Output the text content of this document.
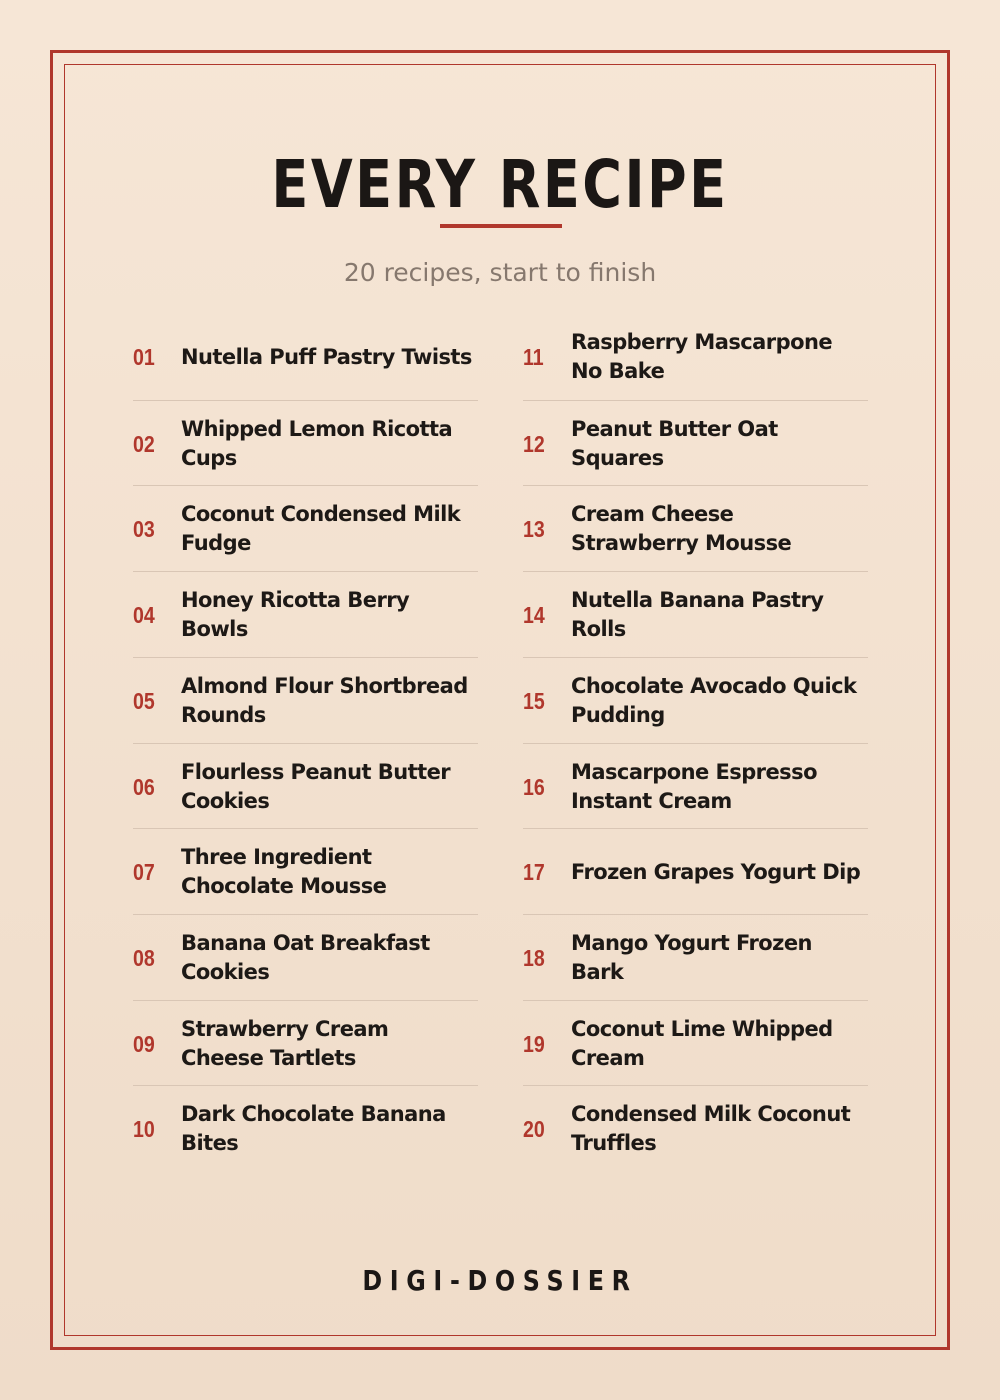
EVERY RECIPE
20 recipes, start to finish
01 Nutella Puff Pastry Twists
02
Whipped Lemon Ricotta
Cups
03
Coconut Condensed Milk
Fudge
04
Honey Ricotta Berry Bowls
05
Almond Flour Shortbread
Rounds
06
Flourless Peanut Butter
Cookies
07
Three Ingredient
Chocolate Mousse
08
Banana Oat Breakfast
Cookies
09
Strawberry Cream
Cheese Tartlets
10
Dark Chocolate Banana
Bites
11
Raspberry Mascarpone
No Bake
12
Peanut Butter Oat
Squares
13
Cream Cheese
Strawberry Mousse
14
Nutella Banana Pastry
Rolls
15
Chocolate Avocado Quick
Pudding
16
Mascarpone Espresso
Instant Cream
17 Frozen Grapes Yogurt Dip
18
Mango Yogurt Frozen
Bark
19
Coconut Lime Whipped
Cream
20
Condensed Milk Coconut
Truffles
DIGI-DOSSIER
